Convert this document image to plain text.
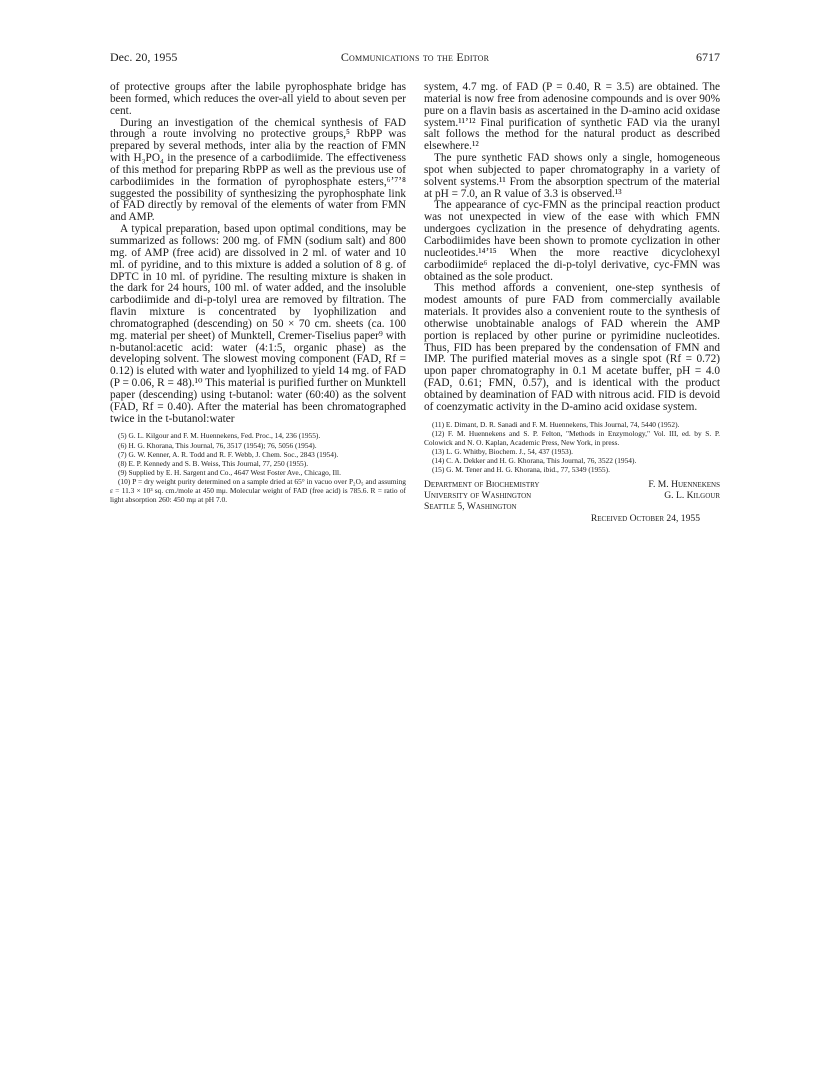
Dec. 20, 1955	Communications to the Editor	6717

of protective groups after the labile pyrophosphate bridge has been formed, which reduces the over-all yield to about seven per cent.

During an investigation of the chemical synthesis of FAD through a route involving no protective groups,⁵ RbPP was prepared by several methods, inter alia by the reaction of FMN with H₃PO₄ in the presence of a carbodiimide. The effectiveness of this method for preparing RbPP as well as the previous use of carbodiimides in the formation of pyrophosphate esters,⁶ʼ⁷ʼ⁸ suggested the possibility of synthesizing the pyrophosphate link of FAD directly by removal of the elements of water from FMN and AMP.

A typical preparation, based upon optimal conditions, may be summarized as follows: 200 mg. of FMN (sodium salt) and 800 mg. of AMP (free acid) are dissolved in 2 ml. of water and 10 ml. of pyridine, and to this mixture is added a solution of 8 g. of DPTC in 10 ml. of pyridine. The resulting mixture is shaken in the dark for 24 hours, 100 ml. of water added, and the insoluble carbodiimide and di-p-tolyl urea are removed by filtration. The flavin mixture is concentrated by lyophilization and chromatographed (descending) on 50 × 70 cm. sheets (ca. 100 mg. material per sheet) of Munktell, Cremer-Tiselius paper⁹ with n-butanol:acetic acid: water (4:1:5, organic phase) as the developing solvent. The slowest moving component (FAD, Rf = 0.12) is eluted with water and lyophilized to yield 14 mg. of FAD (P = 0.06, R = 48).¹⁰ This material is purified further on Munktell paper (descending) using t-butanol: water (60:40) as the solvent (FAD, Rf = 0.40). After the material has been chromatographed twice in the t-butanol:water

(5) G. L. Kilgour and F. M. Huennekens, Fed. Proc., 14, 236 (1955).
(6) H. G. Khorana, This Journal, 76, 3517 (1954); 76, 5056 (1954).
(7) G. W. Kenner, A. R. Todd and R. F. Webb, J. Chem. Soc., 2843 (1954).
(8) E. P. Kennedy and S. B. Weiss, This Journal, 77, 250 (1955).
(9) Supplied by E. H. Sargent and Co., 4647 West Foster Ave., Chicago, Ill.
(10) P = dry weight purity determined on a sample dried at 65° in vacuo over P₂O₅ and assuming ε = 11.3 × 10³ sq. cm./mole at 450 mμ. Molecular weight of FAD (free acid) is 785.6. R = ratio of light absorption 260: 450 mμ at pH 7.0.

system, 4.7 mg. of FAD (P = 0.40, R = 3.5) are obtained. The material is now free from adenosine compounds and is over 90% pure on a flavin basis as ascertained in the D-amino acid oxidase system.¹¹ʼ¹² Final purification of synthetic FAD via the uranyl salt follows the method for the natural product as described elsewhere.¹²

The pure synthetic FAD shows only a single, homogeneous spot when subjected to paper chromatography in a variety of solvent systems.¹¹ From the absorption spectrum of the material at pH = 7.0, an R value of 3.3 is observed.¹³

The appearance of cyc-FMN as the principal reaction product was not unexpected in view of the ease with which FMN undergoes cyclization in the presence of dehydrating agents. Carbodiimides have been shown to promote cyclization in other nucleotides.¹⁴ʼ¹⁵ When the more reactive dicyclohexyl carbodiimide⁶ replaced the di-p-tolyl derivative, cyc-FMN was obtained as the sole product.

This method affords a convenient, one-step synthesis of modest amounts of pure FAD from commercially available materials. It provides also a convenient route to the synthesis of otherwise unobtainable analogs of FAD wherein the AMP portion is replaced by other purine or pyrimidine nucleotides. Thus, FID has been prepared by the condensation of FMN and IMP. The purified material moves as a single spot (Rf = 0.72) upon paper chromatography in 0.1 M acetate buffer, pH = 4.0 (FAD, 0.61; FMN, 0.57), and is identical with the product obtained by deamination of FAD with nitrous acid. FID is devoid of coenzymatic activity in the D-amino acid oxidase system.

(11) E. Dimant, D. R. Sanadi and F. M. Huennekens, This Journal, 74, 5440 (1952).
(12) F. M. Huennekens and S. P. Felton, "Methods in Enzymology," Vol. III, ed. by S. P. Colowick and N. O. Kaplan, Academic Press, New York, in press.
(13) L. G. Whitby, Biochem. J., 54, 437 (1953).
(14) C. A. Dekker and H. G. Khorana, This Journal, 76, 3522 (1954).
(15) G. M. Tener and H. G. Khorana, ibid., 77, 5349 (1955).
Department of Biochemistry
University of Washington
Seattle 5, Washington
F. M. Huennekens
G. L. Kilgour
Received October 24, 1955
